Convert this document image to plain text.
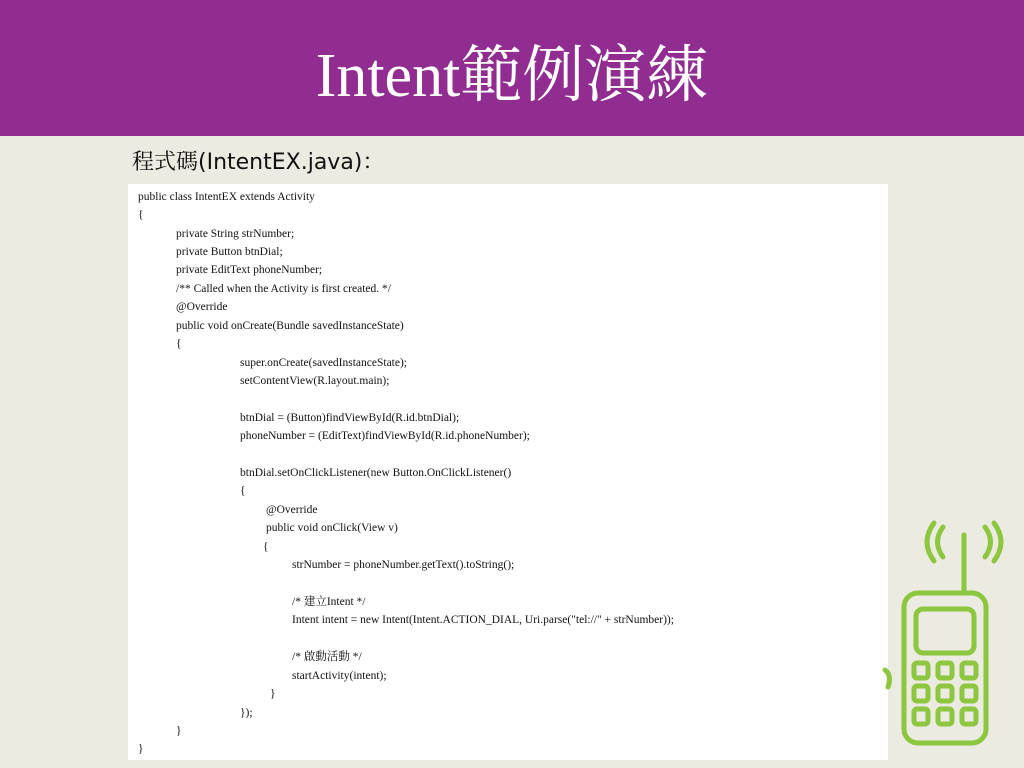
Intent範例演練
程式碼(IntentEX.java)：
public class IntentEX extends Activity
{
private String strNumber;
private Button btnDial;
private EditText phoneNumber;
/** Called when the Activity is first created. */
@Override
public void onCreate(Bundle savedInstanceState)
{
super.onCreate(savedInstanceState);
setContentView(R.layout.main);
btnDial = (Button)findViewById(R.id.btnDial);
phoneNumber = (EditText)findViewById(R.id.phoneNumber);
btnDial.setOnClickListener(new Button.OnClickListener()
{
@Override
public void onClick(View v)
{
strNumber = phoneNumber.getText().toString();
/* 建立Intent */
Intent intent = new Intent(Intent.ACTION_DIAL, Uri.parse("tel://" + strNumber));
/* 啟動活動 */
startActivity(intent);
}
});
}
}
